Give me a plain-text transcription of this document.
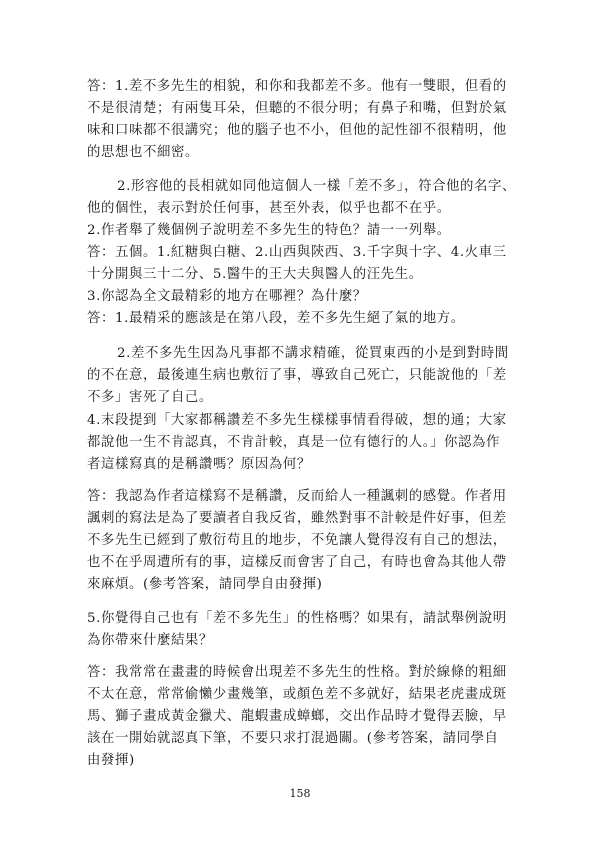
答：1.差不多先生的相貌，和你和我都差不多。他有一雙眼，但看的
不是很清楚；有兩隻耳朵，但聽的不很分明；有鼻子和嘴，但對於氣
味和口味都不很講究；他的腦子也不小，但他的記性卻不很精明，他
的思想也不細密。
2.形容他的長相就如同他這個人一樣「差不多」，符合他的名字、
他的個性，表示對於任何事，甚至外表，似乎也都不在乎。
2.作者舉了幾個例子說明差不多先生的特色？請一一列舉。
答：五個。1.紅糖與白糖、2.山西與陝西、3.千字與十字、4.火車三
十分開與三十二分、5.醫牛的王大夫與醫人的汪先生。
3.你認為全文最精彩的地方在哪裡？為什麼？
答：1.最精采的應該是在第八段，差不多先生絕了氣的地方。
2.差不多先生因為凡事都不講求精確，從買東西的小是到對時間
的不在意，最後連生病也敷衍了事，導致自己死亡，只能說他的「差
不多」害死了自己。
4.末段提到「大家都稱讚差不多先生樣樣事情看得破，想的通；大家
都說他一生不肯認真，不肯計較，真是一位有德行的人。」你認為作
者這樣寫真的是稱讚嗎？原因為何？
答：我認為作者這樣寫不是稱讚，反而給人一種諷刺的感覺。作者用
諷刺的寫法是為了要讀者自我反省，雖然對事不計較是件好事，但差
不多先生已經到了敷衍苟且的地步，不免讓人覺得沒有自己的想法，
也不在乎周遭所有的事，這樣反而會害了自己，有時也會為其他人帶
來麻煩。(參考答案，請同學自由發揮)
5.你覺得自己也有「差不多先生」的性格嗎？如果有，請試舉例說明
為你帶來什麼結果？
答：我常常在畫畫的時候會出現差不多先生的性格。對於線條的粗細
不太在意，常常偷懶少畫幾筆，或顏色差不多就好，結果老虎畫成斑
馬、獅子畫成黃金獵犬、龍蝦畫成蟑螂，交出作品時才覺得丟臉，早
該在一開始就認真下筆，不要只求打混過關。(參考答案，請同學自
由發揮)
158
